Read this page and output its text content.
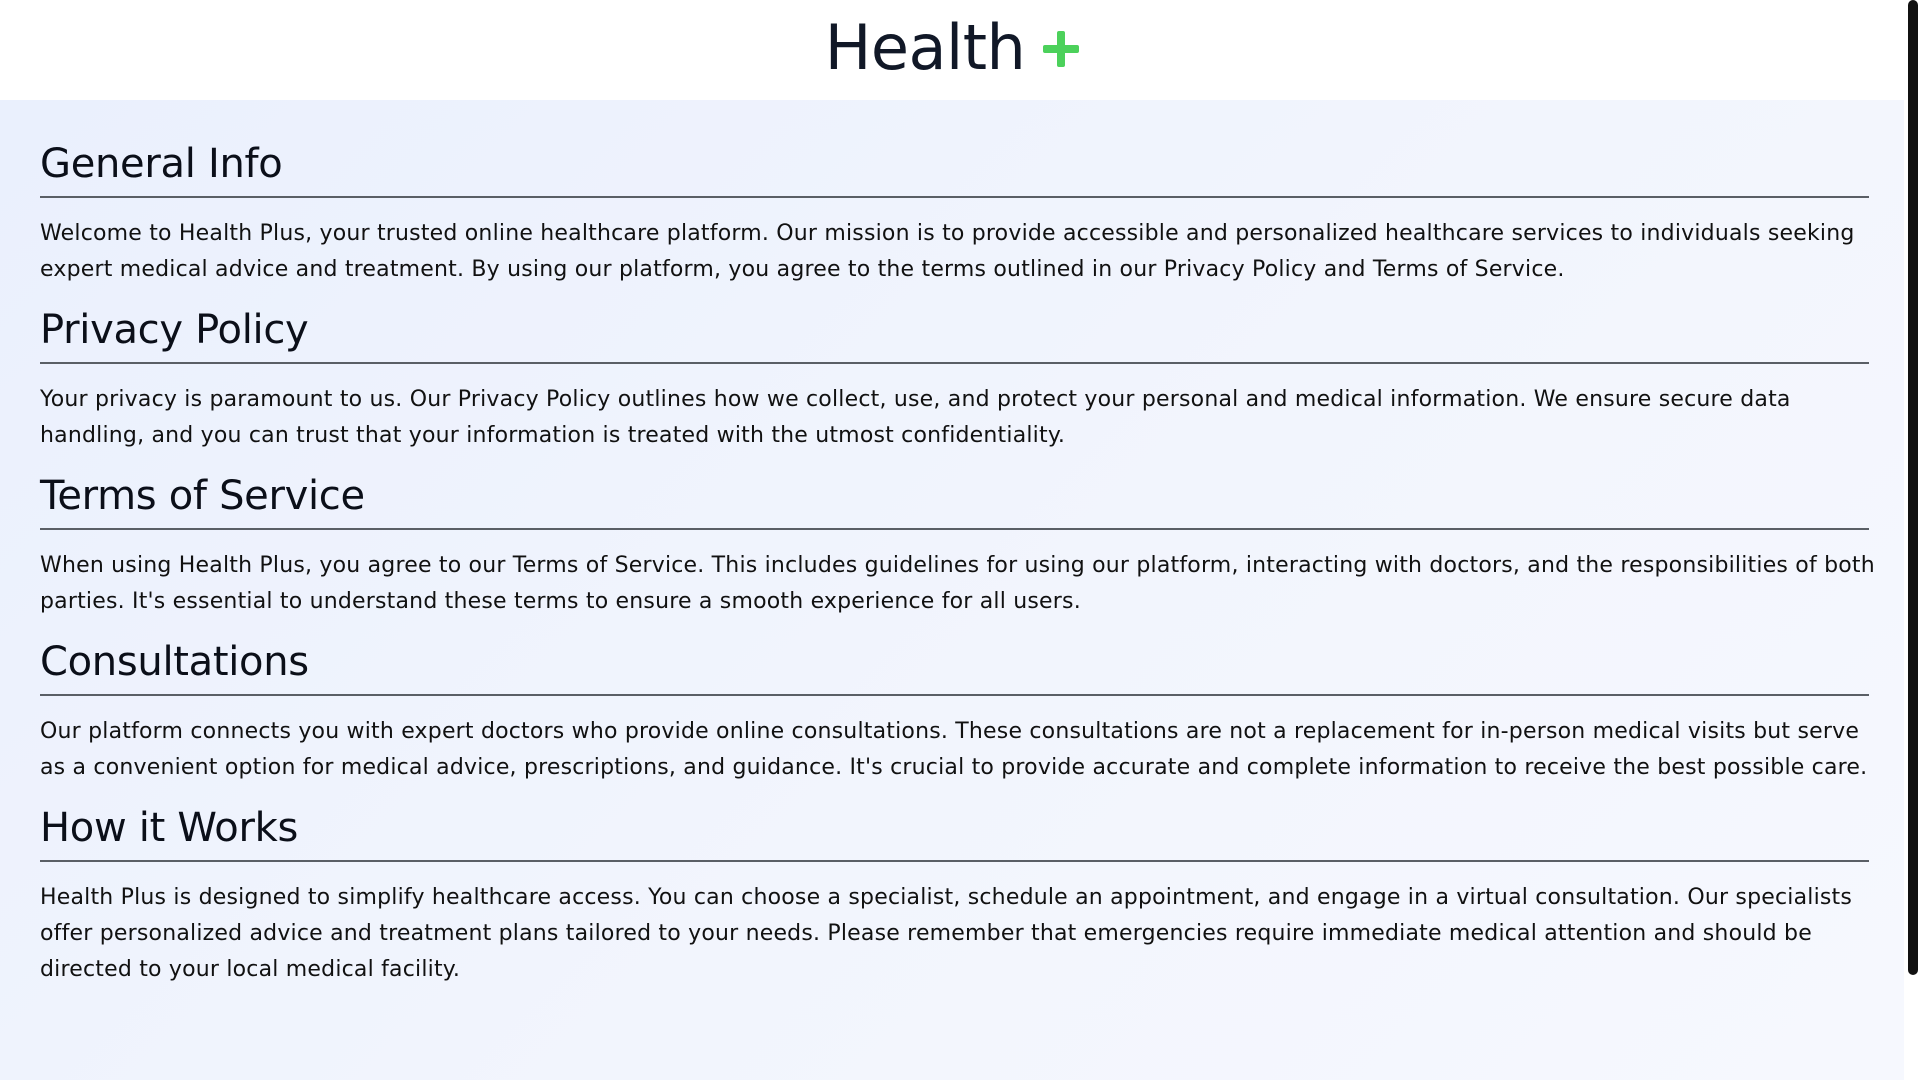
Health
General Info

Welcome to Health Plus, your trusted online healthcare platform. Our mission is to provide accessible and personalized healthcare services to individuals seeking expert medical advice and treatment. By using our platform, you agree to the terms outlined in our Privacy Policy and Terms of Service.

Privacy Policy

Your privacy is paramount to us. Our Privacy Policy outlines how we collect, use, and protect your personal and medical information. We ensure secure data handling, and you can trust that your information is treated with the utmost confidentiality.

Terms of Service

When using Health Plus, you agree to our Terms of Service. This includes guidelines for using our platform, interacting with doctors, and the responsibilities of both parties. It's essential to understand these terms to ensure a smooth experience for all users.

Consultations

Our platform connects you with expert doctors who provide online consultations. These consultations are not a replacement for in-person medical visits but serve as a convenient option for medical advice, prescriptions, and guidance. It's crucial to provide accurate and complete information to receive the best possible care.

How it Works

Health Plus is designed to simplify healthcare access. You can choose a specialist, schedule an appointment, and engage in a virtual consultation. Our specialists offer personalized advice and treatment plans tailored to your needs. Please remember that emergencies require immediate medical attention and should be directed to your local medical facility.
